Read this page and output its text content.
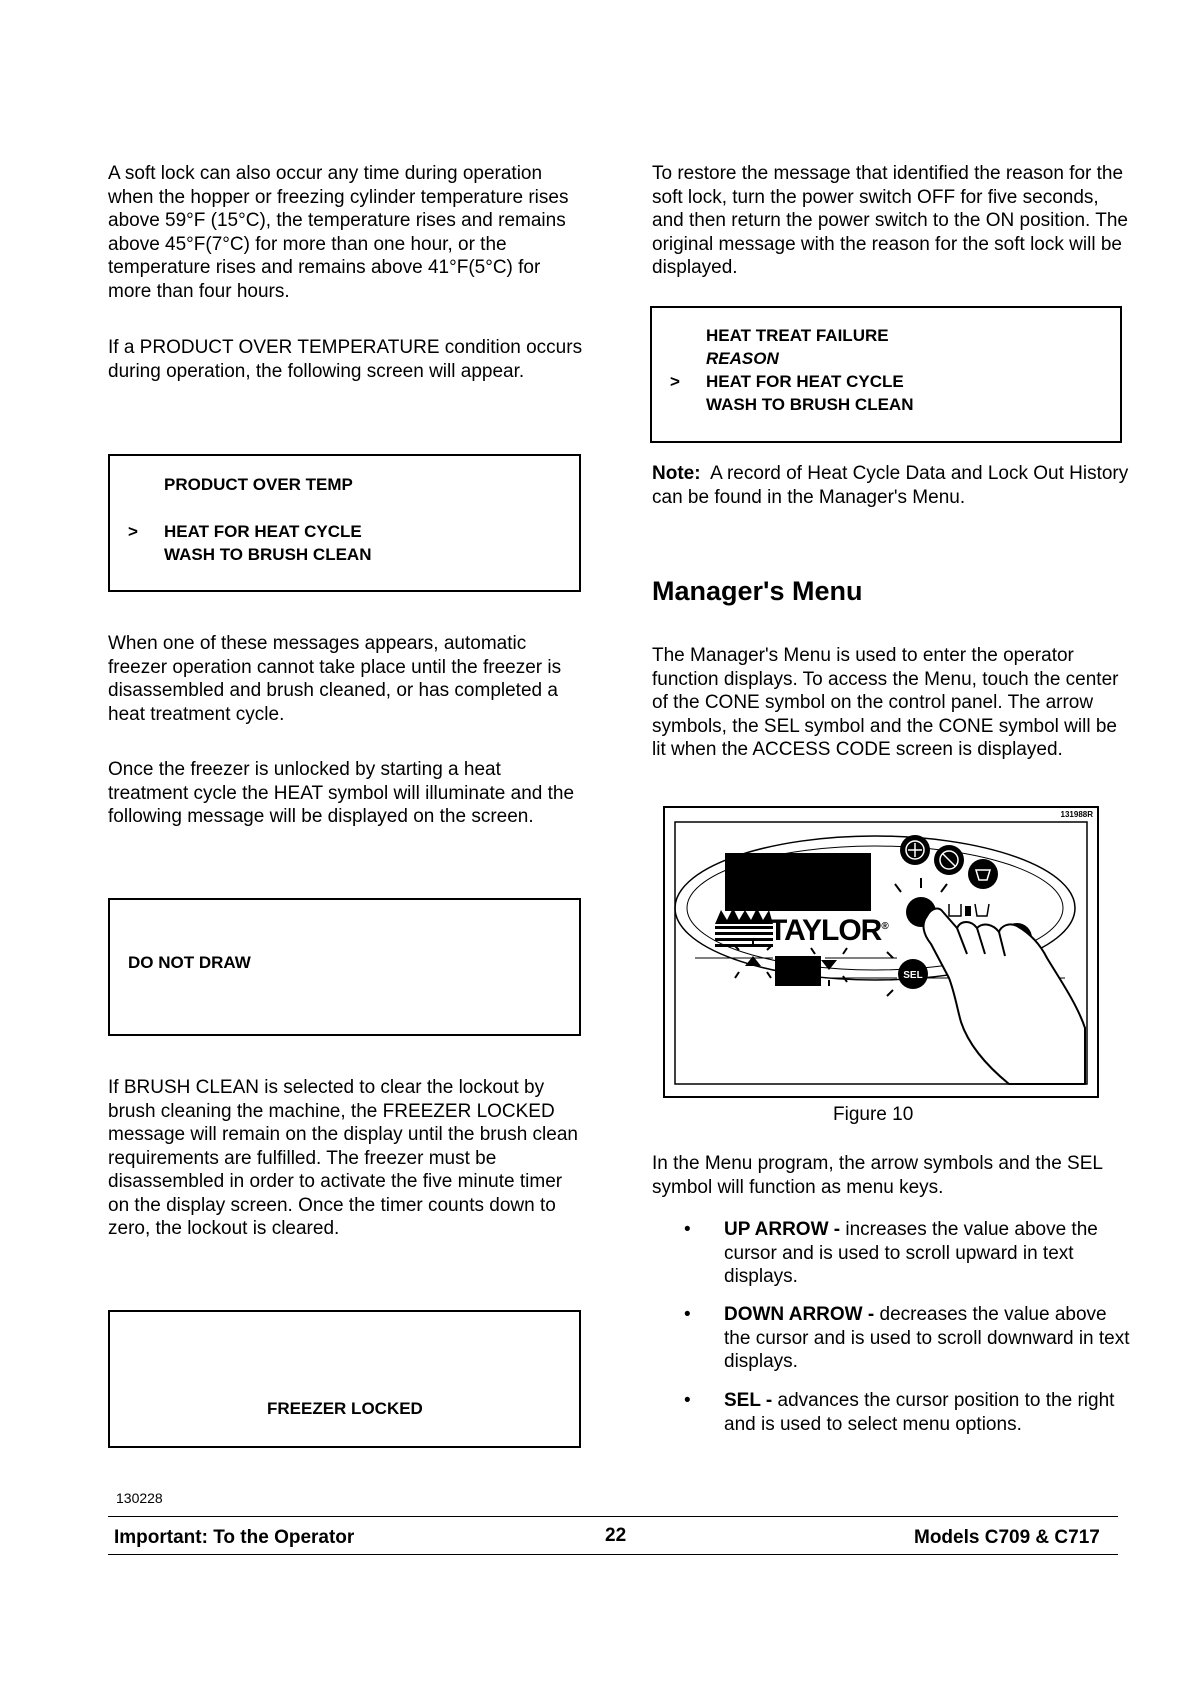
A soft lock can also occur any time during operation when the hopper or freezing cylinder temperature rises above 59°F (15°C), the temperature rises and remains above 45°F(7°C) for more than one hour, or the temperature rises and remains above 41°F(5°C) for more than four hours.

If a PRODUCT OVER TEMPERATURE condition occurs during operation, the following screen will appear.

PRODUCT OVER TEMP
> HEAT FOR HEAT CYCLE
WASH TO BRUSH CLEAN

When one of these messages appears, automatic freezer operation cannot take place until the freezer is disassembled and brush cleaned, or has completed a heat treatment cycle.

Once the freezer is unlocked by starting a heat treatment cycle the HEAT symbol will illuminate and the following message will be displayed on the screen.

DO NOT DRAW

If BRUSH CLEAN is selected to clear the lockout by brush cleaning the machine, the FREEZER LOCKED message will remain on the display until the brush clean requirements are fulfilled. The freezer must be disassembled in order to activate the five minute timer on the display screen. Once the timer counts down to zero, the lockout is cleared.

FREEZER LOCKED

To restore the message that identified the reason for the soft lock, turn the power switch OFF for five seconds, and then return the power switch to the ON position. The original message with the reason for the soft lock will be displayed.

HEAT TREAT FAILURE
REASON
> HEAT FOR HEAT CYCLE
WASH TO BRUSH CLEAN

Note: A record of Heat Cycle Data and Lock Out History can be found in the Manager's Menu.

Manager's Menu

The Manager's Menu is used to enter the operator function displays. To access the Menu, touch the center of the CONE symbol on the control panel. The arrow symbols, the SEL symbol and the CONE symbol will be lit when the ACCESS CODE screen is displayed.

131988R
SEL
TAYLOR®

Figure 10

In the Menu program, the arrow symbols and the SEL symbol will function as menu keys.

• UP ARROW - increases the value above the cursor and is used to scroll upward in text displays.
• DOWN ARROW - decreases the value above the cursor and is used to scroll downward in text displays.
• SEL - advances the cursor position to the right and is used to select menu options.
130228
Important: To the Operator	22	Models C709 & C717
